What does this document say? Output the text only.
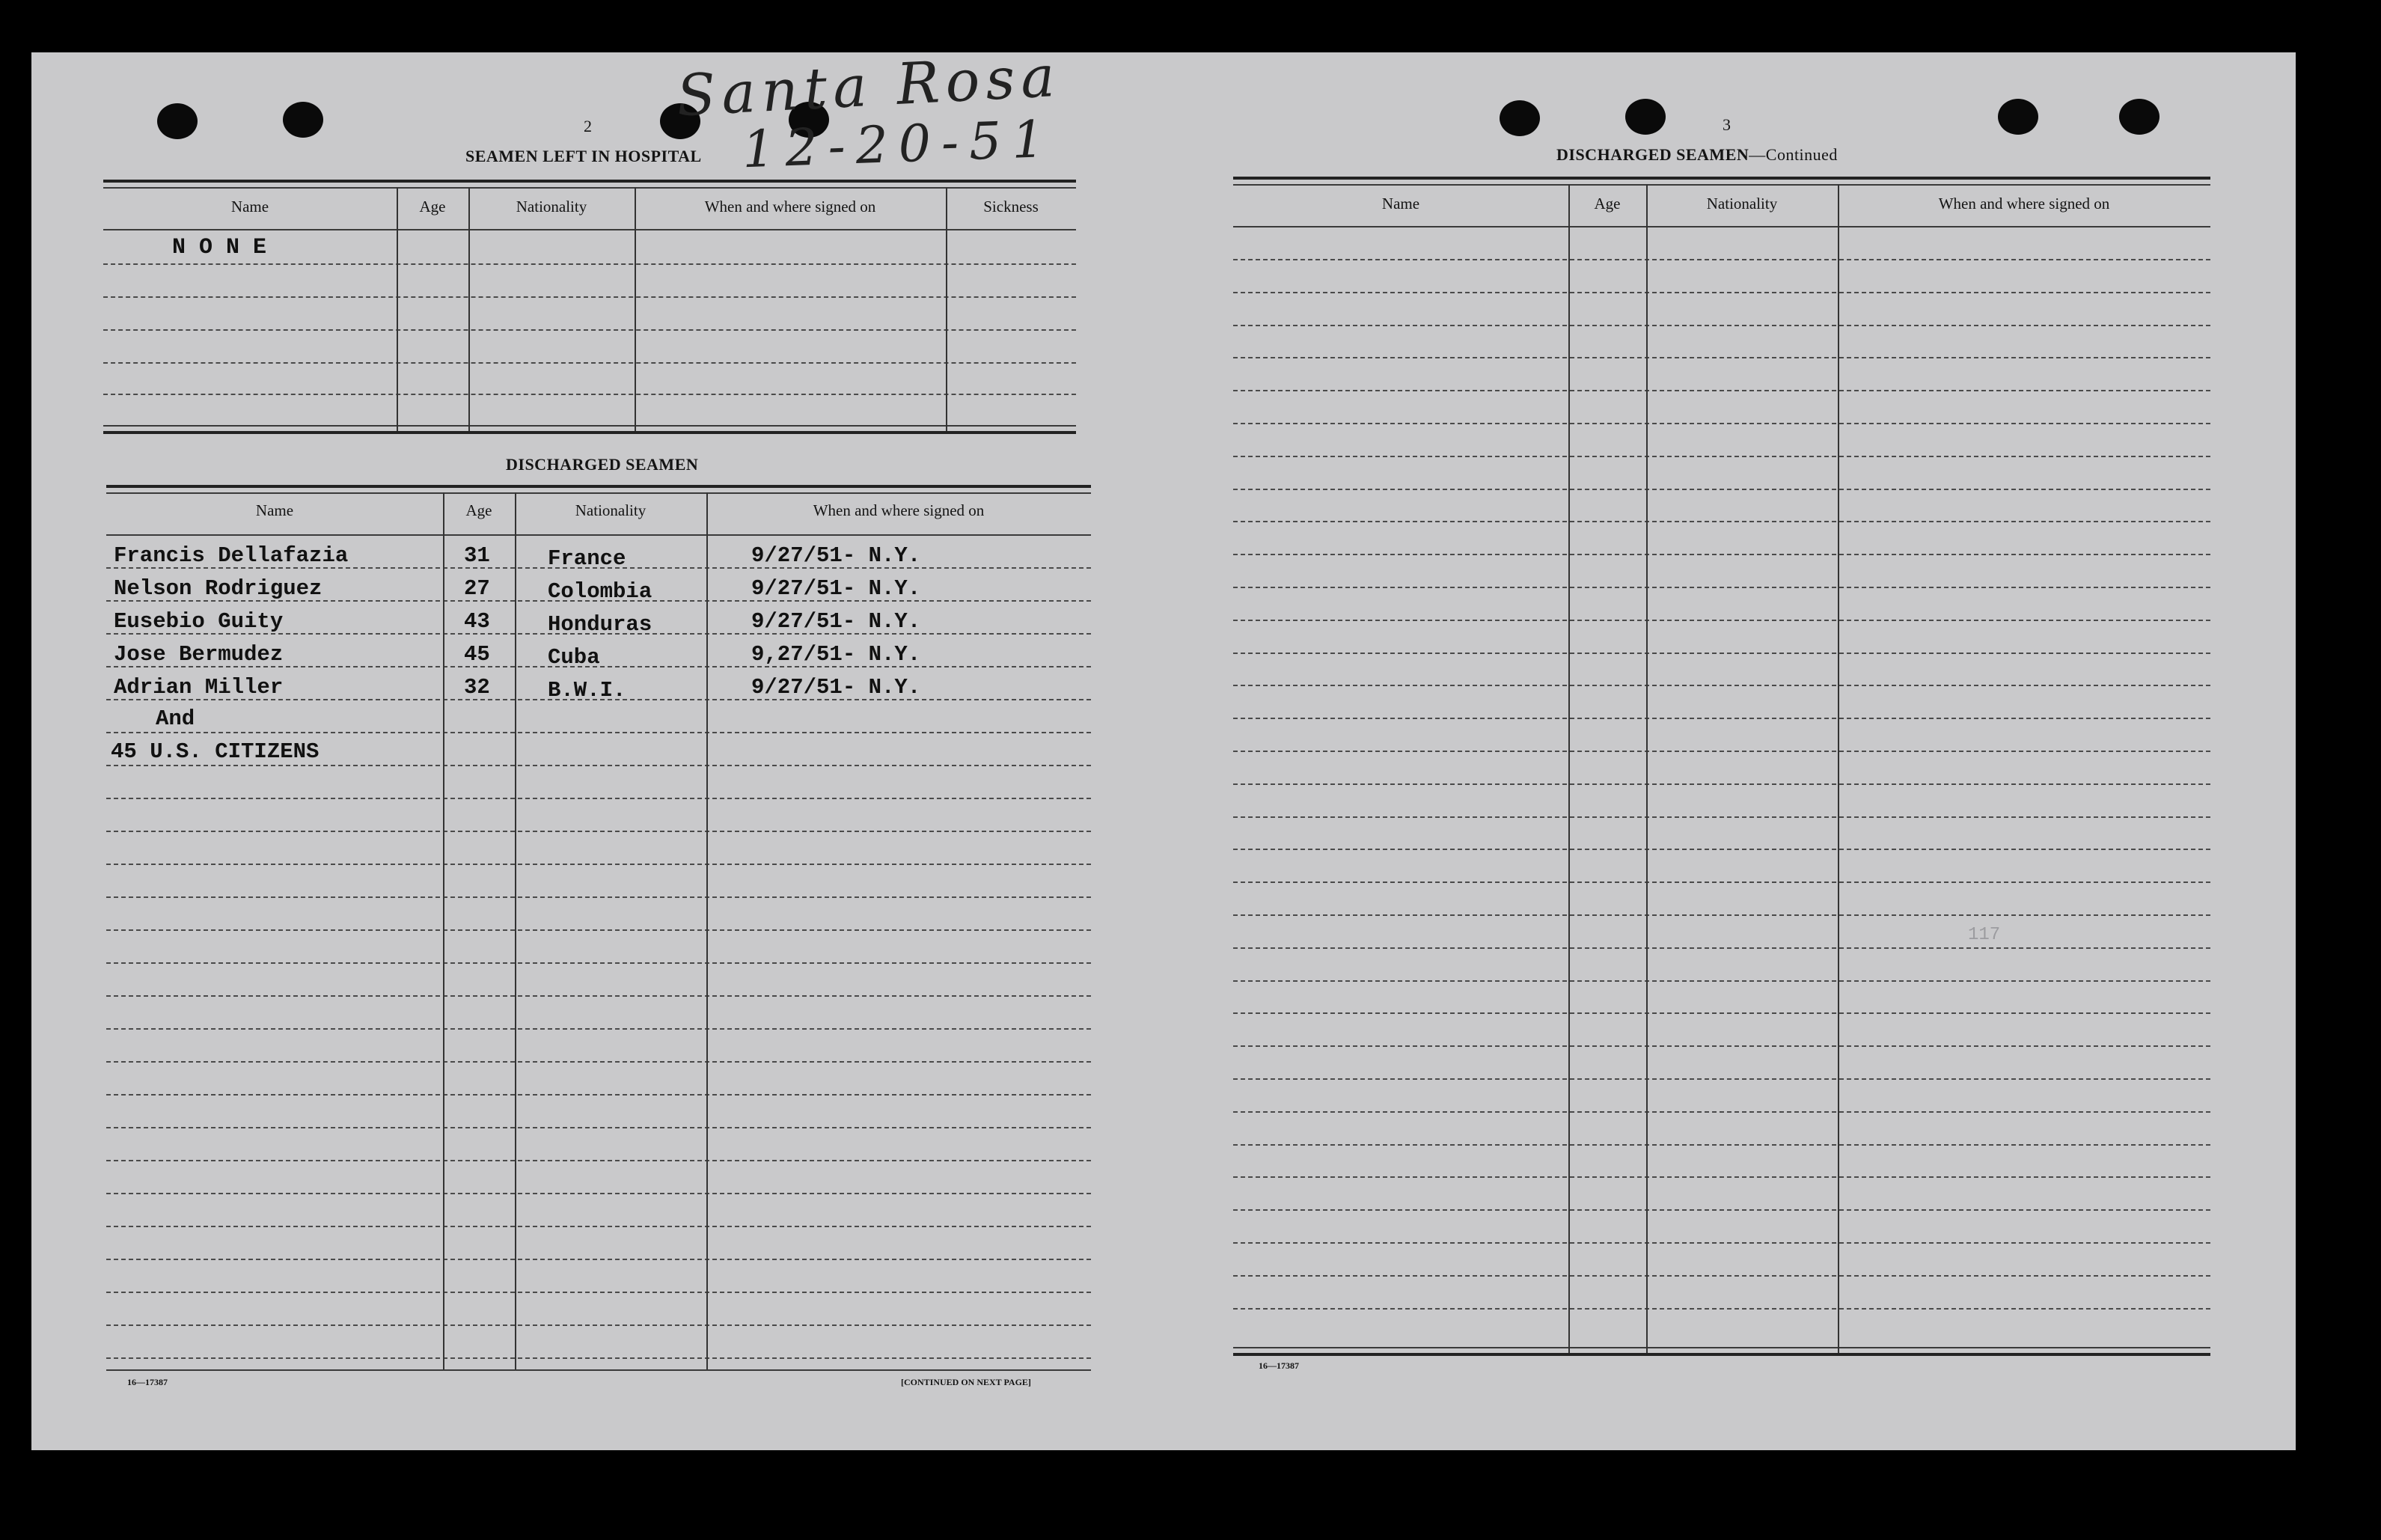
Santa Rosa
12-20-51
2
SEAMEN LEFT IN HOSPITAL
Name	Age	Nationality	When and where signed on	Sickness
N O N E
DISCHARGED SEAMEN
Name	Age	Nationality	When and where signed on
Francis Dellafazia	31	France	9/27/51- N.Y.
Nelson Rodriguez	27	Colombia	9/27/51- N.Y.
Eusebio Guity	43	Honduras	9/27/51- N.Y.
Jose Bermudez	45	Cuba	9,27/51- N.Y.
Adrian Miller	32	B.W.I.	9/27/51- N.Y.
And
45 U.S. CITIZENS
16—17387	[CONTINUED ON NEXT PAGE]
3
DISCHARGED SEAMEN—Continued
Name	Age	Nationality	When and where signed on
117
16—17387
